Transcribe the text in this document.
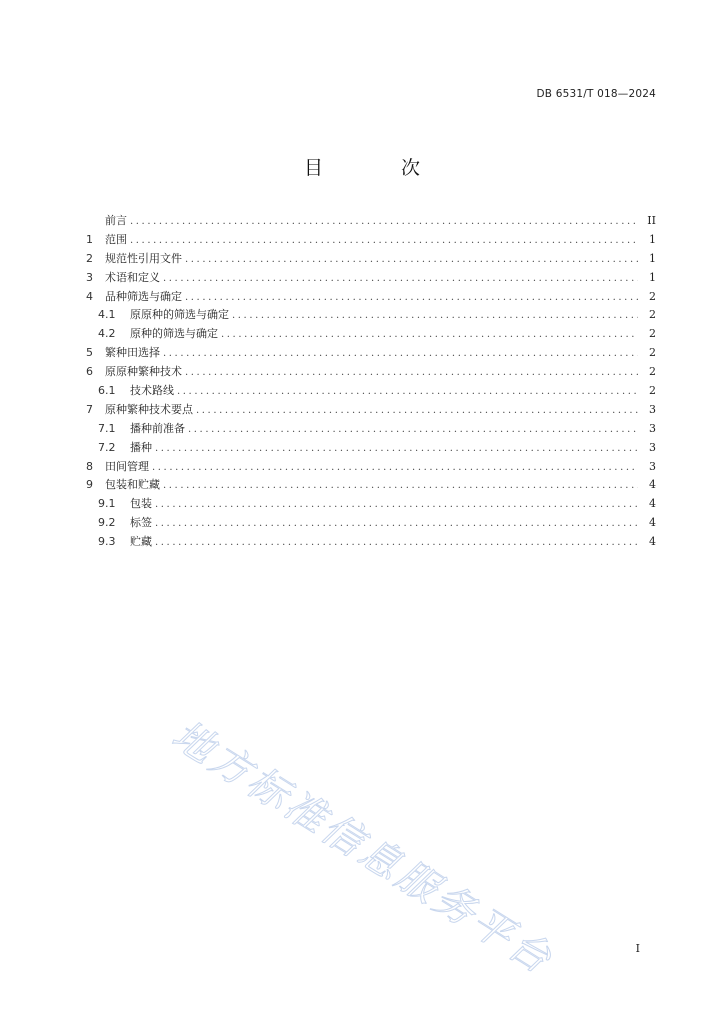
DB 6531/T 018—2024
目 次
前言 .....	II
1	范围 .....	1
2	规范性引用文件 .....	1
3	术语和定义 .....	1
4	品种筛选与确定 .....	2
4.1	原原种的筛选与确定 .....	2
4.2	原种的筛选与确定 .....	2
5	繁种田选择 .....	2
6	原原种繁种技术 .....	2
6.1	技术路线 .....	2
7	原种繁种技术要点 .....	3
7.1	播种前准备 .....	3
7.2	播种 .....	3
8	田间管理 .....	3
9	包装和贮藏 .....	4
9.1	包装 .....	4
9.2	标签 .....	4
9.3	贮藏 .....	4
地方标准信息服务平台	I
